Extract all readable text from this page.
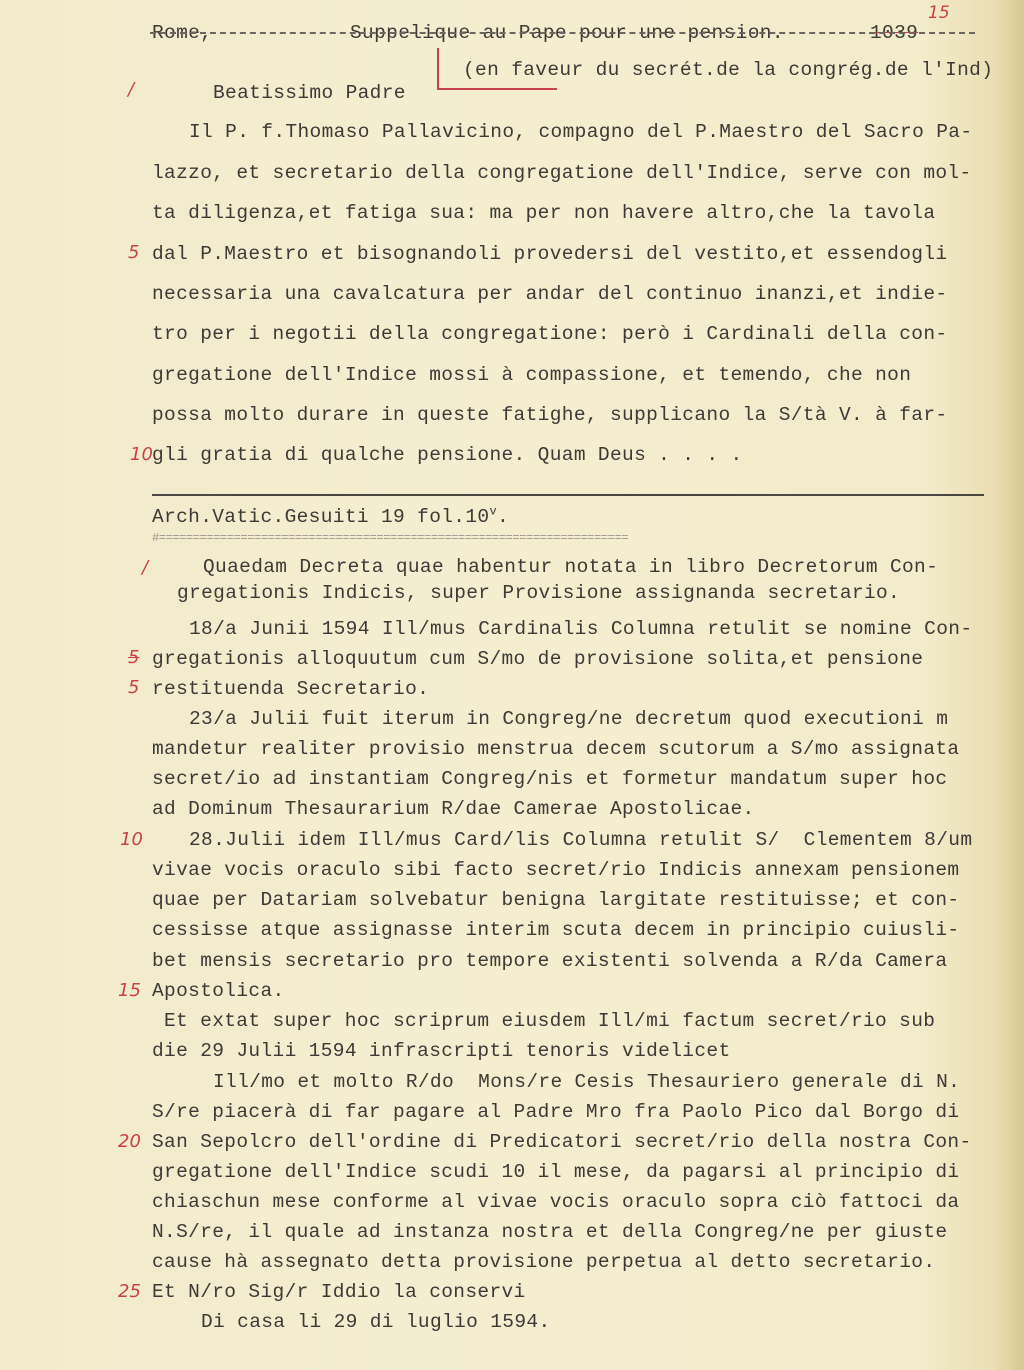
Rome,	Suppelique au Pape pour une pension.
15
1039
(en faveur du secrét.de la congrég.de l'Ind)
/	Beatissimo Padre
Il P. f.Thomaso Pallavicino, compagno del P.Maestro del Sacro Pa-
lazzo, et secretario della congregatione dell'Indice, serve con mol-
ta diligenza,et fatiga sua: ma per non havere altro,che la tavola
5 dal P.Maestro et bisognandoli provedersi del vestito,et essendogli
necessaria una cavalcatura per andar del continuo inanzi,et indie-
tro per i negotii della congregatione: però i Cardinali della con-
gregatione dell'Indice mossi à compassione, et temendo, che non
possa molto durare in queste fatighe, supplicano la S/tà V. à far-
10 gli gratia di qualche pensione. Quam Deus . . . .
Arch.Vatic.Gesuiti 19 fol.10$^v$.
#=====================================================================
/	Quaedam Decreta quae habentur notata in libro Decretorum Con-
gregationis Indicis, super Provisione assignanda secretario.
18/a Junii 1594 Ill/mus Cardinalis Columna retulit se nomine Con-
5 gregationis alloquutum cum S/mo de provisione solita,et pensione
5 restituenda Secretario.
23/a Julii fuit iterum in Congreg/ne decretum quod executioni m
mandetur realiter provisio menstrua decem scutorum a S/mo assignata
secret/io ad instantiam Congreg/nis et formetur mandatum super hoc
ad Dominum Thesaurarium R/dae Camerae Apostolicae.
10 28.Julii idem Ill/mus Card/lis Columna retulit S/  Clementem 8/um
vivae vocis oraculo sibi facto secret/rio Indicis annexam pensionem
quae per Datariam solvebatur benigna largitate restituisse; et con-
cessisse atque assignasse interim scuta decem in principio cuiusli-
bet mensis secretario pro tempore existenti solvenda a R/da Camera
15 Apostolica.
Et extat super hoc scriprum eiusdem Ill/mi factum secret/rio sub
die 29 Julii 1594 infrascripti tenoris videlicet
Ill/mo et molto R/do  Mons/re Cesis Thesauriero generale di N.
S/re piacerà di far pagare al Padre Mro fra Paolo Pico dal Borgo di
20 San Sepolcro dell'ordine di Predicatori secret/rio della nostra Con-
gregatione dell'Indice scudi 10 il mese, da pagarsi al principio di
chiaschun mese conforme al vivae vocis oraculo sopra ciò fattoci da
N.S/re, il quale ad instanza nostra et della Congreg/ne per giuste
cause hà assegnato detta provisione perpetua al detto secretario.
25 Et N/ro Sig/r Iddio la conservi
Di casa li 29 di luglio 1594.
